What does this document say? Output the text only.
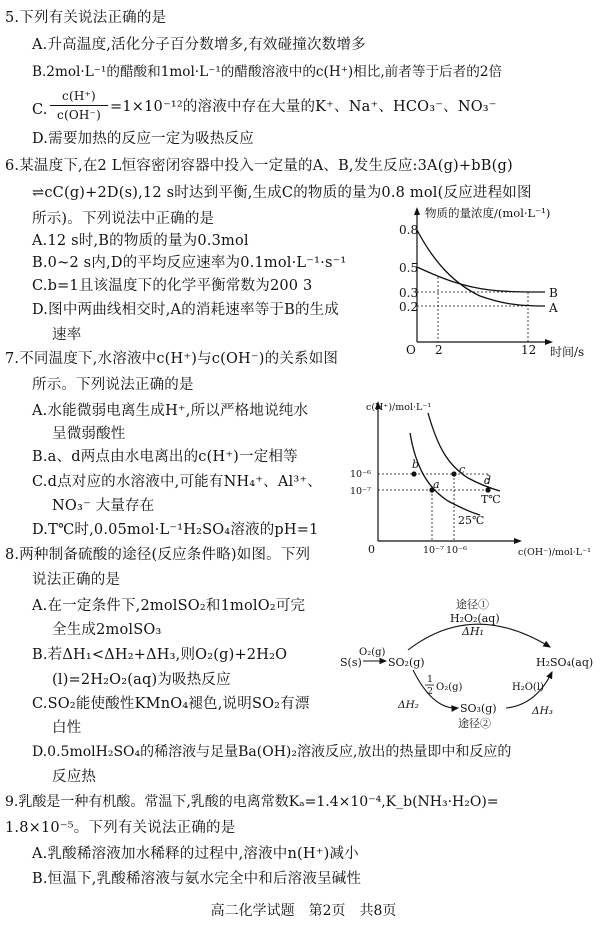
5.下列有关说法正确的是
A.升高温度,活化分子百分数增多,有效碰撞次数增多
B.2mol·L⁻¹的醋酸和1mol·L⁻¹的醋酸溶液中的c(H⁺)相比,前者等于后者的2倍
C.
c(H⁺)
c(OH⁻) =1×10⁻¹²的溶液中存在大量的K⁺、Na⁺、HCO₃⁻、NO₃⁻
D.需要加热的反应一定为吸热反应
6.某温度下,在2 L恒容密闭容器中投入一定量的A、B,发生反应:3A(g)+bB(g)
⇌cC(g)+2D(s),12 s时达到平衡,生成C的物质的量为0.8 mol(反应进程如图
所示)。下列说法中正确的是
A.12 s时,B的物质的量为0.3mol
B.0~2 s内,D的平均反应速率为0.1mol·L⁻¹·s⁻¹
C.b=1且该温度下的化学平衡常数为200 3
D.图中两曲线相交时,A的消耗速率等于B的生成
速率
物质的量浓度/(mol·L⁻¹)
时间/s
0.8
0.5
0.3
0.2
O 2	12
B
A
7.不同温度下,水溶液中c(H⁺)与c(OH⁻)的关系如图
所示。下列说法正确的是
A.水能微弱电离生成H⁺,所以严格地说纯水
呈微弱酸性
B.a、d两点由水电离出的c(H⁺)一定相等
C.d点对应的水溶液中,可能有NH₄⁺、Al³⁺、
NO₃⁻ 大量存在
D.T℃时,0.05mol·L⁻¹H₂SO₄溶液的pH=1
c(H⁺)/mol·L⁻¹
c(OH⁻)/mol·L⁻¹
0
10⁻⁶
10⁻⁷
10⁻⁷ 10⁻⁶
a
b	c
d
T℃
25℃
8.两种制备硫酸的途径(反应条件略)如图。下列
说法正确的是
A.在一定条件下,2molSO₂和1molO₂可完
全生成2molSO₃
B.若ΔH₁<ΔH₂+ΔH₃,则O₂(g)+2H₂O
(l)=2H₂O₂(aq)为吸热反应
C.SO₂能使酸性KMnO₄褪色,说明SO₂有漂
白性
D.0.5molH₂SO₄的稀溶液与足量Ba(OH)₂溶液反应,放出的热量即中和反应的
反应热
途径①
H₂O₂(aq)
ΔH₁
S(s)
O₂(g)
SO₂(g)	H₂SO₄(aq)
1
2 O₂(g)
ΔH₂	SO₃(g)
H₂O(l)
ΔH₃
途径②
9.乳酸是一种有机酸。常温下,乳酸的电离常数Kₐ=1.4×10⁻⁴,K_b(NH₃·H₂O)=
1.8×10⁻⁵。下列有关说法正确的是
A.乳酸稀溶液加水稀释的过程中,溶液中n(H⁺)减小
B.恒温下,乳酸稀溶液与氨水完全中和后溶液呈碱性
高二化学试题　第2页　共8页
